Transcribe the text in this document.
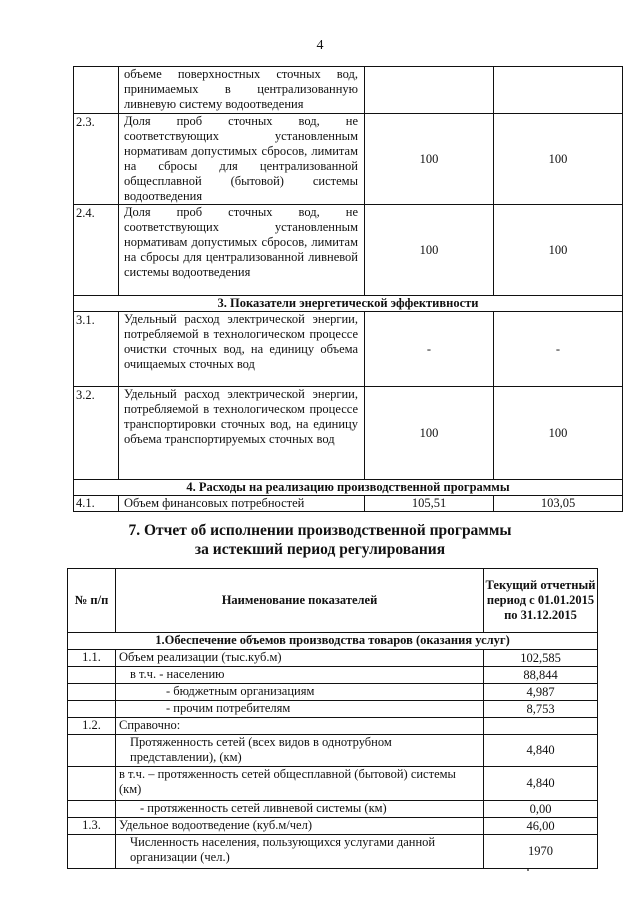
4
	объеме поверхностных сточных вод, принимаемых в централизованную ливневую систему водоотведения		
2.3.	Доля проб сточных вод, не соответствующих установленным нормативам допустимых сбросов, лимитам на сбросы для централизованной общесплавной (бытовой) системы водоотведения	100	100
2.4.	Доля проб сточных вод, не соответствующих установленным нормативам допустимых сбросов, лимитам на сбросы для централизованной ливневой системы водоотведения	100	100
3. Показатели энергетической эффективности			
3.1.	Удельный расход электрической энергии, потребляемой в технологическом процессе очистки сточных вод, на единицу объема очищаемых сточных вод	-	-
3.2.	Удельный расход электрической энергии, потребляемой в технологическом процессе транспортировки сточных вод, на единицу объема транспортируемых сточных вод	100	100
4. Расходы на реализацию производственной программы			
4.1.	Объем финансовых потребностей	105,51	103,05
7. Отчет об исполнении производственной программы
за истекший период регулирования
№ п/п	Наименование показателей	Текущий отчетный период с 01.01.2015 по 31.12.2015
1.Обеспечение объемов производства товаров (оказания услуг)		
1.1.	Объем реализации (тыс.куб.м)	102,585
	в т.ч. - населению	88,844
	- бюджетным организациям	4,987
	- прочим потребителям	8,753
1.2.	Справочно:	
	Протяженность сетей (всех видов в однотрубном представлении), (км)	4,840
	в т.ч. – протяженность сетей общесплавной (бытовой) системы (км)	4,840
	- протяженность сетей ливневой системы (км)	0,00
1.3.	Удельное водоотведение (куб.м/чел)	46,00
	Численность населения, пользующихся услугами данной организации (чел.)	1970
